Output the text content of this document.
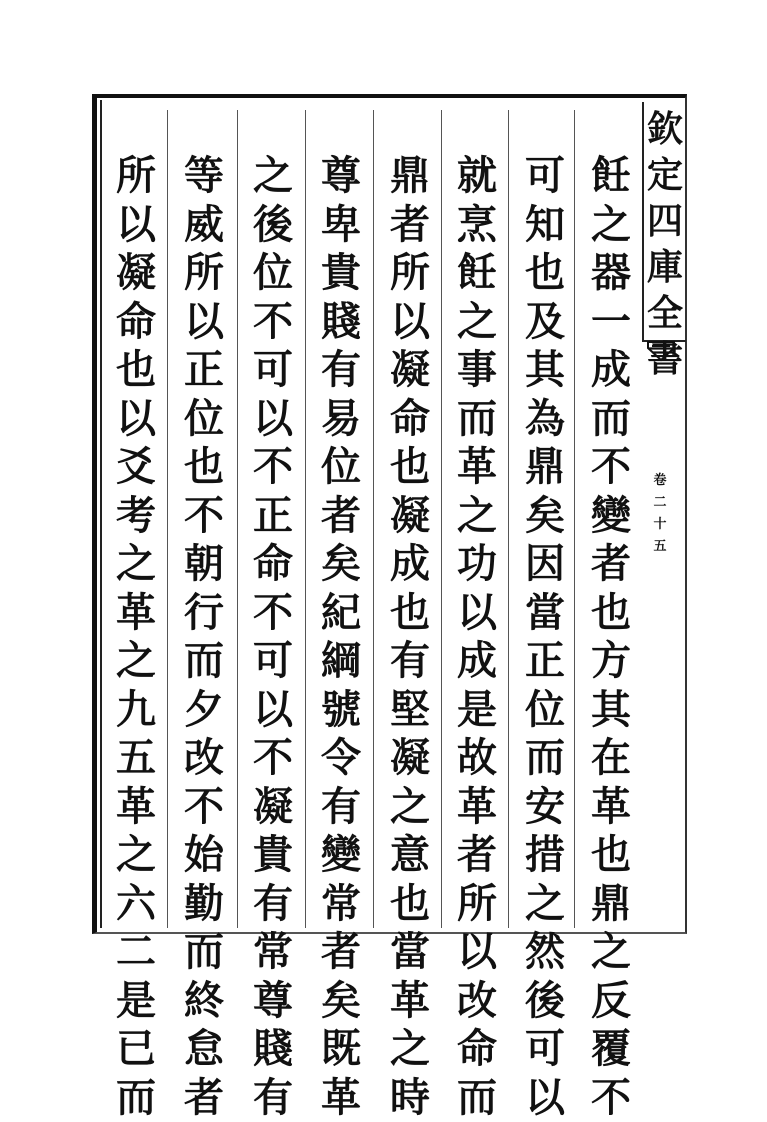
欽
定
四
庫
全
書
卷
二
十
五
飪
之
器
一
成
而
不
變
者
也
方
其
在
革
也
鼎
之
反
覆
不
可
知
也
及
其
為
鼎
矣
因
當
正
位
而
安
措
之
然
後
可
以
就
烹
飪
之
事
而
革
之
功
以
成
是
故
革
者
所
以
改
命
而
鼎
者
所
以
凝
命
也
凝
成
也
有
堅
凝
之
意
也
當
革
之
時
尊
卑
貴
賤
有
易
位
者
矣
紀
綱
號
令
有
變
常
者
矣
既
革
之
後
位
不
可
以
不
正
命
不
可
以
不
凝
貴
有
常
尊
賤
有
等
威
所
以
正
位
也
不
朝
行
而
夕
改
不
始
勤
而
終
怠
者
所
以
凝
命
也
以
爻
考
之
革
之
九
五
革
之
六
二
是
已
而
